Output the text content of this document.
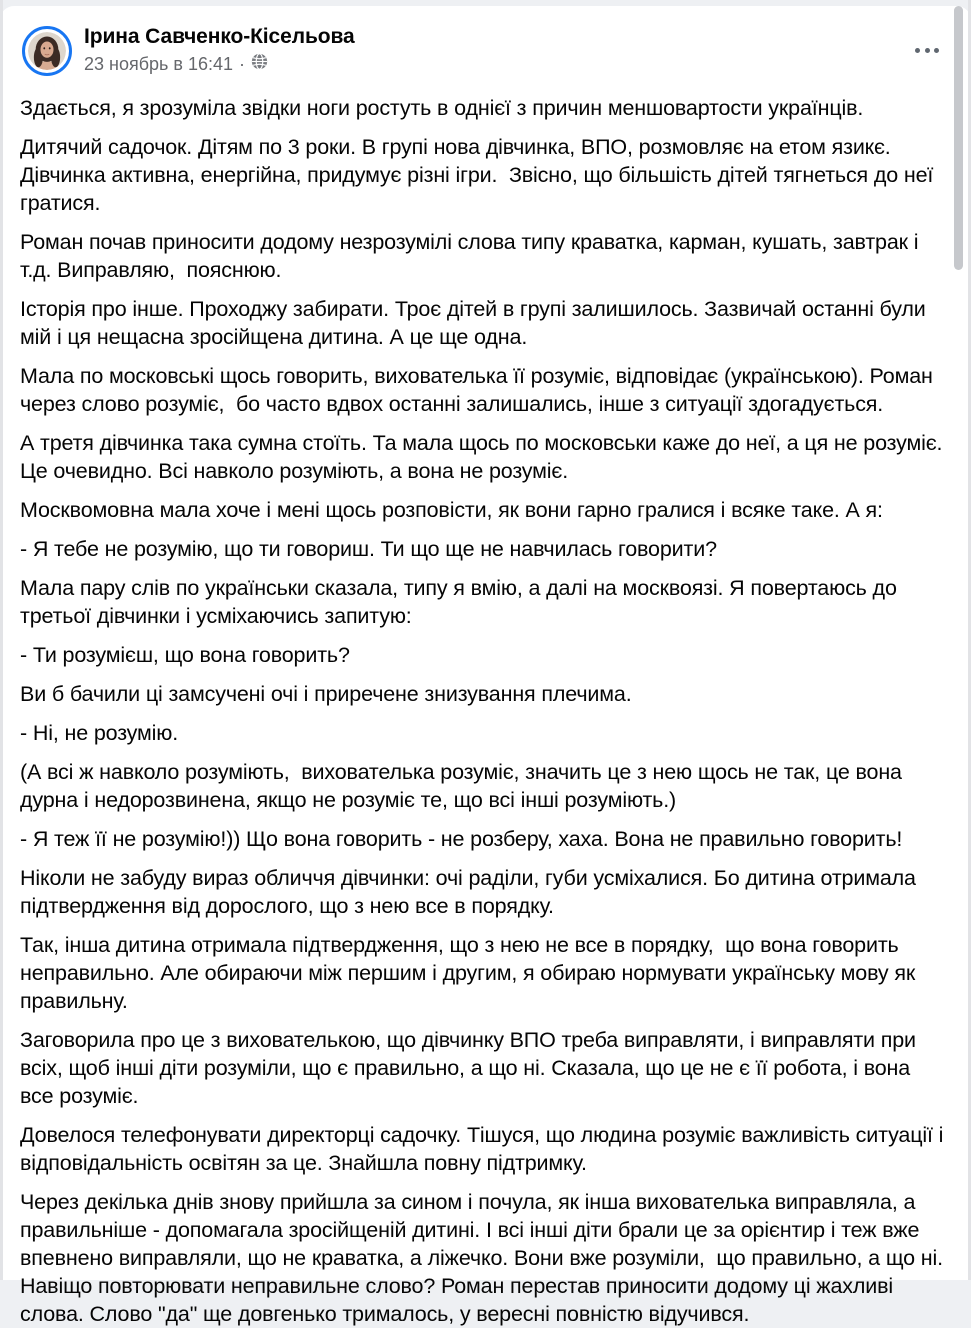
Ірина Савченко-Кісельова
23 ноябрь в 16:41 ·

Здається, я зрозуміла звідки ноги ростуть в однієї з причин меншовартости українців.

Дитячий садочок. Дітям по 3 роки. В групі нова дівчинка, ВПО, розмовляє на етом язикє. Дівчинка активна, енергійна, придумує різні ігри.  Звісно, що більшість дітей тягнеться до неї гратися.

Роман почав приносити додому незрозумілі слова типу краватка, карман, кушать, завтрак і т.д. Виправляю,  пояснюю.

Історія про інше. Проходжу забирати. Троє дітей в групі залишилось. Зазвичай останні були мій і ця нещасна зросійщена дитина. А це ще одна.

Мала по московські щось говорить, вихователька її розуміє, відповідає (українською). Роман через слово розуміє,  бо часто вдвох останні залишались, інше з ситуації здогадується.

А третя дівчинка така сумна стоїть. Та мала щось по московськи каже до неї, а ця не розуміє. Це очевидно. Всі навколо розуміють, а вона не розуміє.

Москвомовна мала хоче і мені щось розповісти, як вони гарно гралися і всяке таке. А я:

- Я тебе не розумію, що ти говориш. Ти що ще не навчилась говорити?

Мала пару слів по українськи сказала, типу я вмію, а далі на москвоязі. Я повертаюсь до третьої дівчинки і усміхаючись запитую:

- Ти розумієш, що вона говорить?

Ви б бачили ці замсучені очі і приречене знизування плечима.

- Ні, не розумію.

(А всі ж навколо розуміють,  вихователька розуміє, значить це з нею щось не так, це вона дурна і недорозвинена, якщо не розуміє те, що всі інші розуміють.)

- Я теж її не розумію!)) Що вона говорить - не розберу, хаха. Вона не правильно говорить!

Ніколи не забуду вираз обличчя дівчинки: очі раділи, губи усміхалися. Бо дитина отримала підтвердження від дорослого, що з нею все в порядку.

Так, інша дитина отримала підтвердження, що з нею не все в порядку,  що вона говорить неправильно. Але обираючи між першим і другим, я обираю нормувати українську мову як правильну.

Заговорила про це з вихователькою, що дівчинку ВПО треба виправляти, і виправляти при всіх, щоб інші діти розуміли, що є правильно, а що ні. Сказала, що це не є її робота, і вона все розуміє.

Довелося телефонувати директорці садочку. Тішуся, що людина розуміє важливість ситуації і відповідальність освітян за це. Знайшла повну підтримку.

Через декілька днів знову прийшла за сином і почула, як інша вихователька виправляла, а правильніше - допомагала зросійщеній дитині. І всі інші діти брали це за орієнтир і теж вже впевнено виправляли, що не краватка, а ліжечко. Вони вже розуміли,  що правильно, а що ні. Навіщо повторювати неправильне слово? Роман перестав приносити додому ці жахливі слова. Слово "да" ще довгенько трималось, у вересні повністю відучився.
